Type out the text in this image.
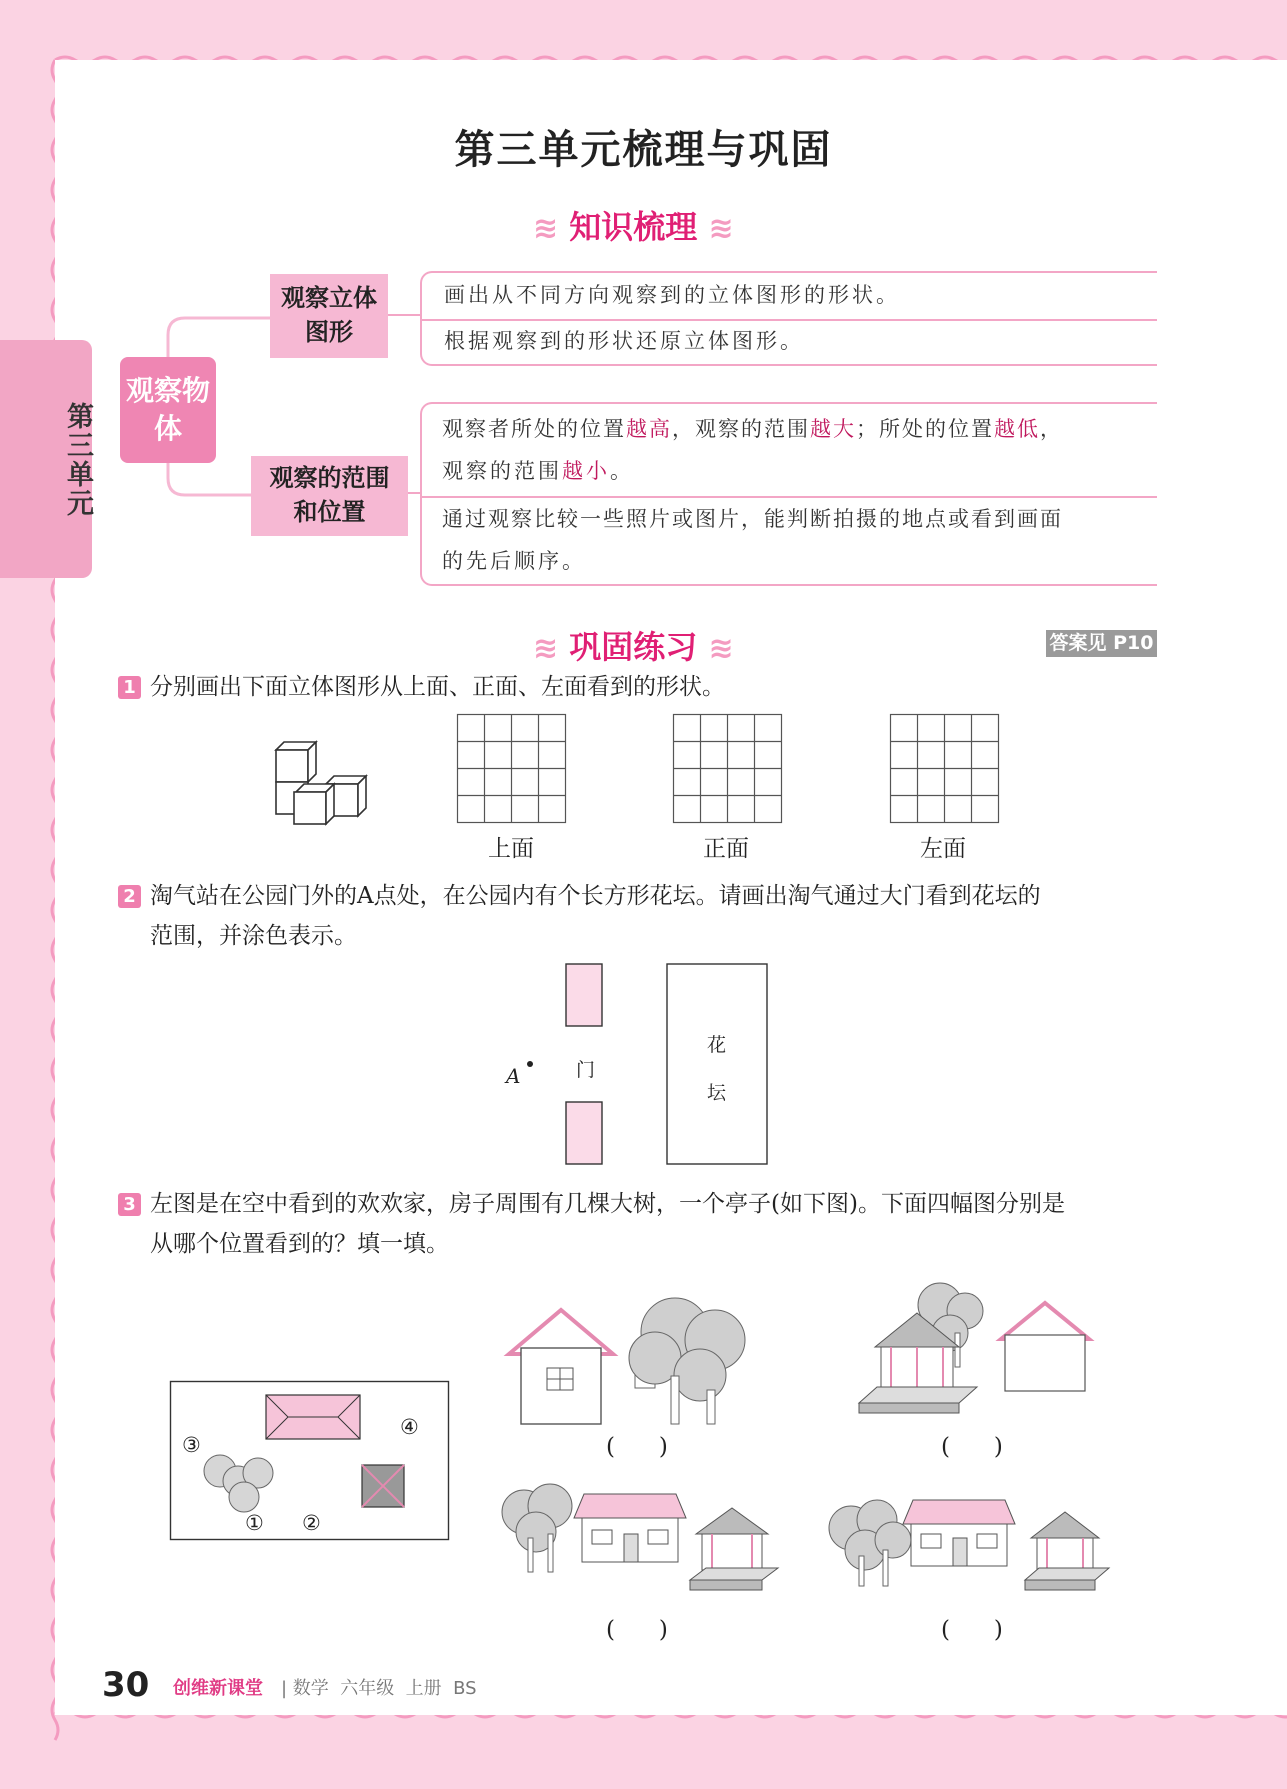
第三单元
第三单元梳理与巩固
≋ 知识梳理 ≋
观察物体
观察立体图形
观察的范围和位置
画出从不同方向观察到的立体图形的形状。
根据观察到的形状还原立体图形。
观察者所处的位置越高，观察的范围越大；所处的位置越低，
观察的范围越小。
通过观察比较一些照片或图片，能判断拍摄的地点或看到画面
的先后顺序。
≋ 巩固练习 ≋	答案见 P10
1 分别画出下面立体图形从上面、正面、左面看到的形状。
上面	正面	左面
2 淘气站在公园门外的A点处，在公园内有个长方形花坛。请画出淘气通过大门看到花坛的
范围，并涂色表示。
A	门
花
坛
3 左图是在空中看到的欢欢家，房子周围有几棵大树，一个亭子(如下图)。下面四幅图分别是
从哪个位置看到的？填一填。
③
④
① ②
(      )	(      )
(      )	(      )
30 创维新课堂 | 数学  六年级  上册  BS
